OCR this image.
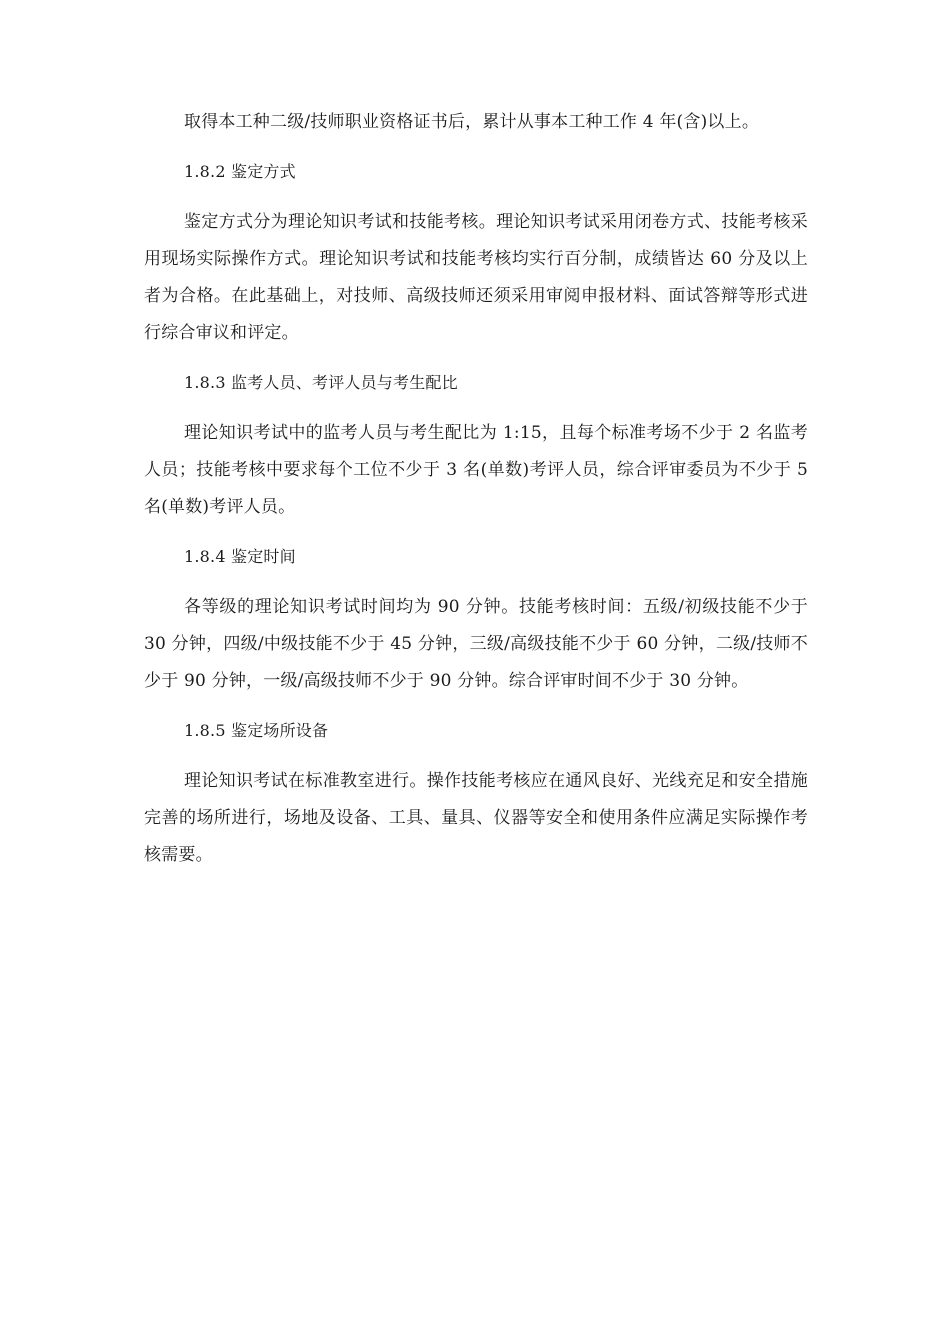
取得本工种二级/技师职业资格证书后，累计从事本工种工作 4 年(含)以上。

1.8.2 鉴定方式

鉴定方式分为理论知识考试和技能考核。理论知识考试采用闭卷方式、技能考核采用现场实际操作方式。理论知识考试和技能考核均实行百分制，成绩皆达 60 分及以上者为合格。在此基础上，对技师、高级技师还须采用审阅申报材料、面试答辩等形式进行综合审议和评定。

1.8.3 监考人员、考评人员与考生配比

理论知识考试中的监考人员与考生配比为 1:15，且每个标准考场不少于 2 名监考人员；技能考核中要求每个工位不少于 3 名(单数)考评人员，综合评审委员为不少于 5 名(单数)考评人员。

1.8.4 鉴定时间

各等级的理论知识考试时间均为 90 分钟。技能考核时间：五级/初级技能不少于 30 分钟，四级/中级技能不少于 45 分钟，三级/高级技能不少于 60 分钟，二级/技师不少于 90 分钟，一级/高级技师不少于 90 分钟。综合评审时间不少于 30 分钟。

1.8.5 鉴定场所设备

理论知识考试在标准教室进行。操作技能考核应在通风良好、光线充足和安全措施完善的场所进行，场地及设备、工具、量具、仪器等安全和使用条件应满足实际操作考核需要。
